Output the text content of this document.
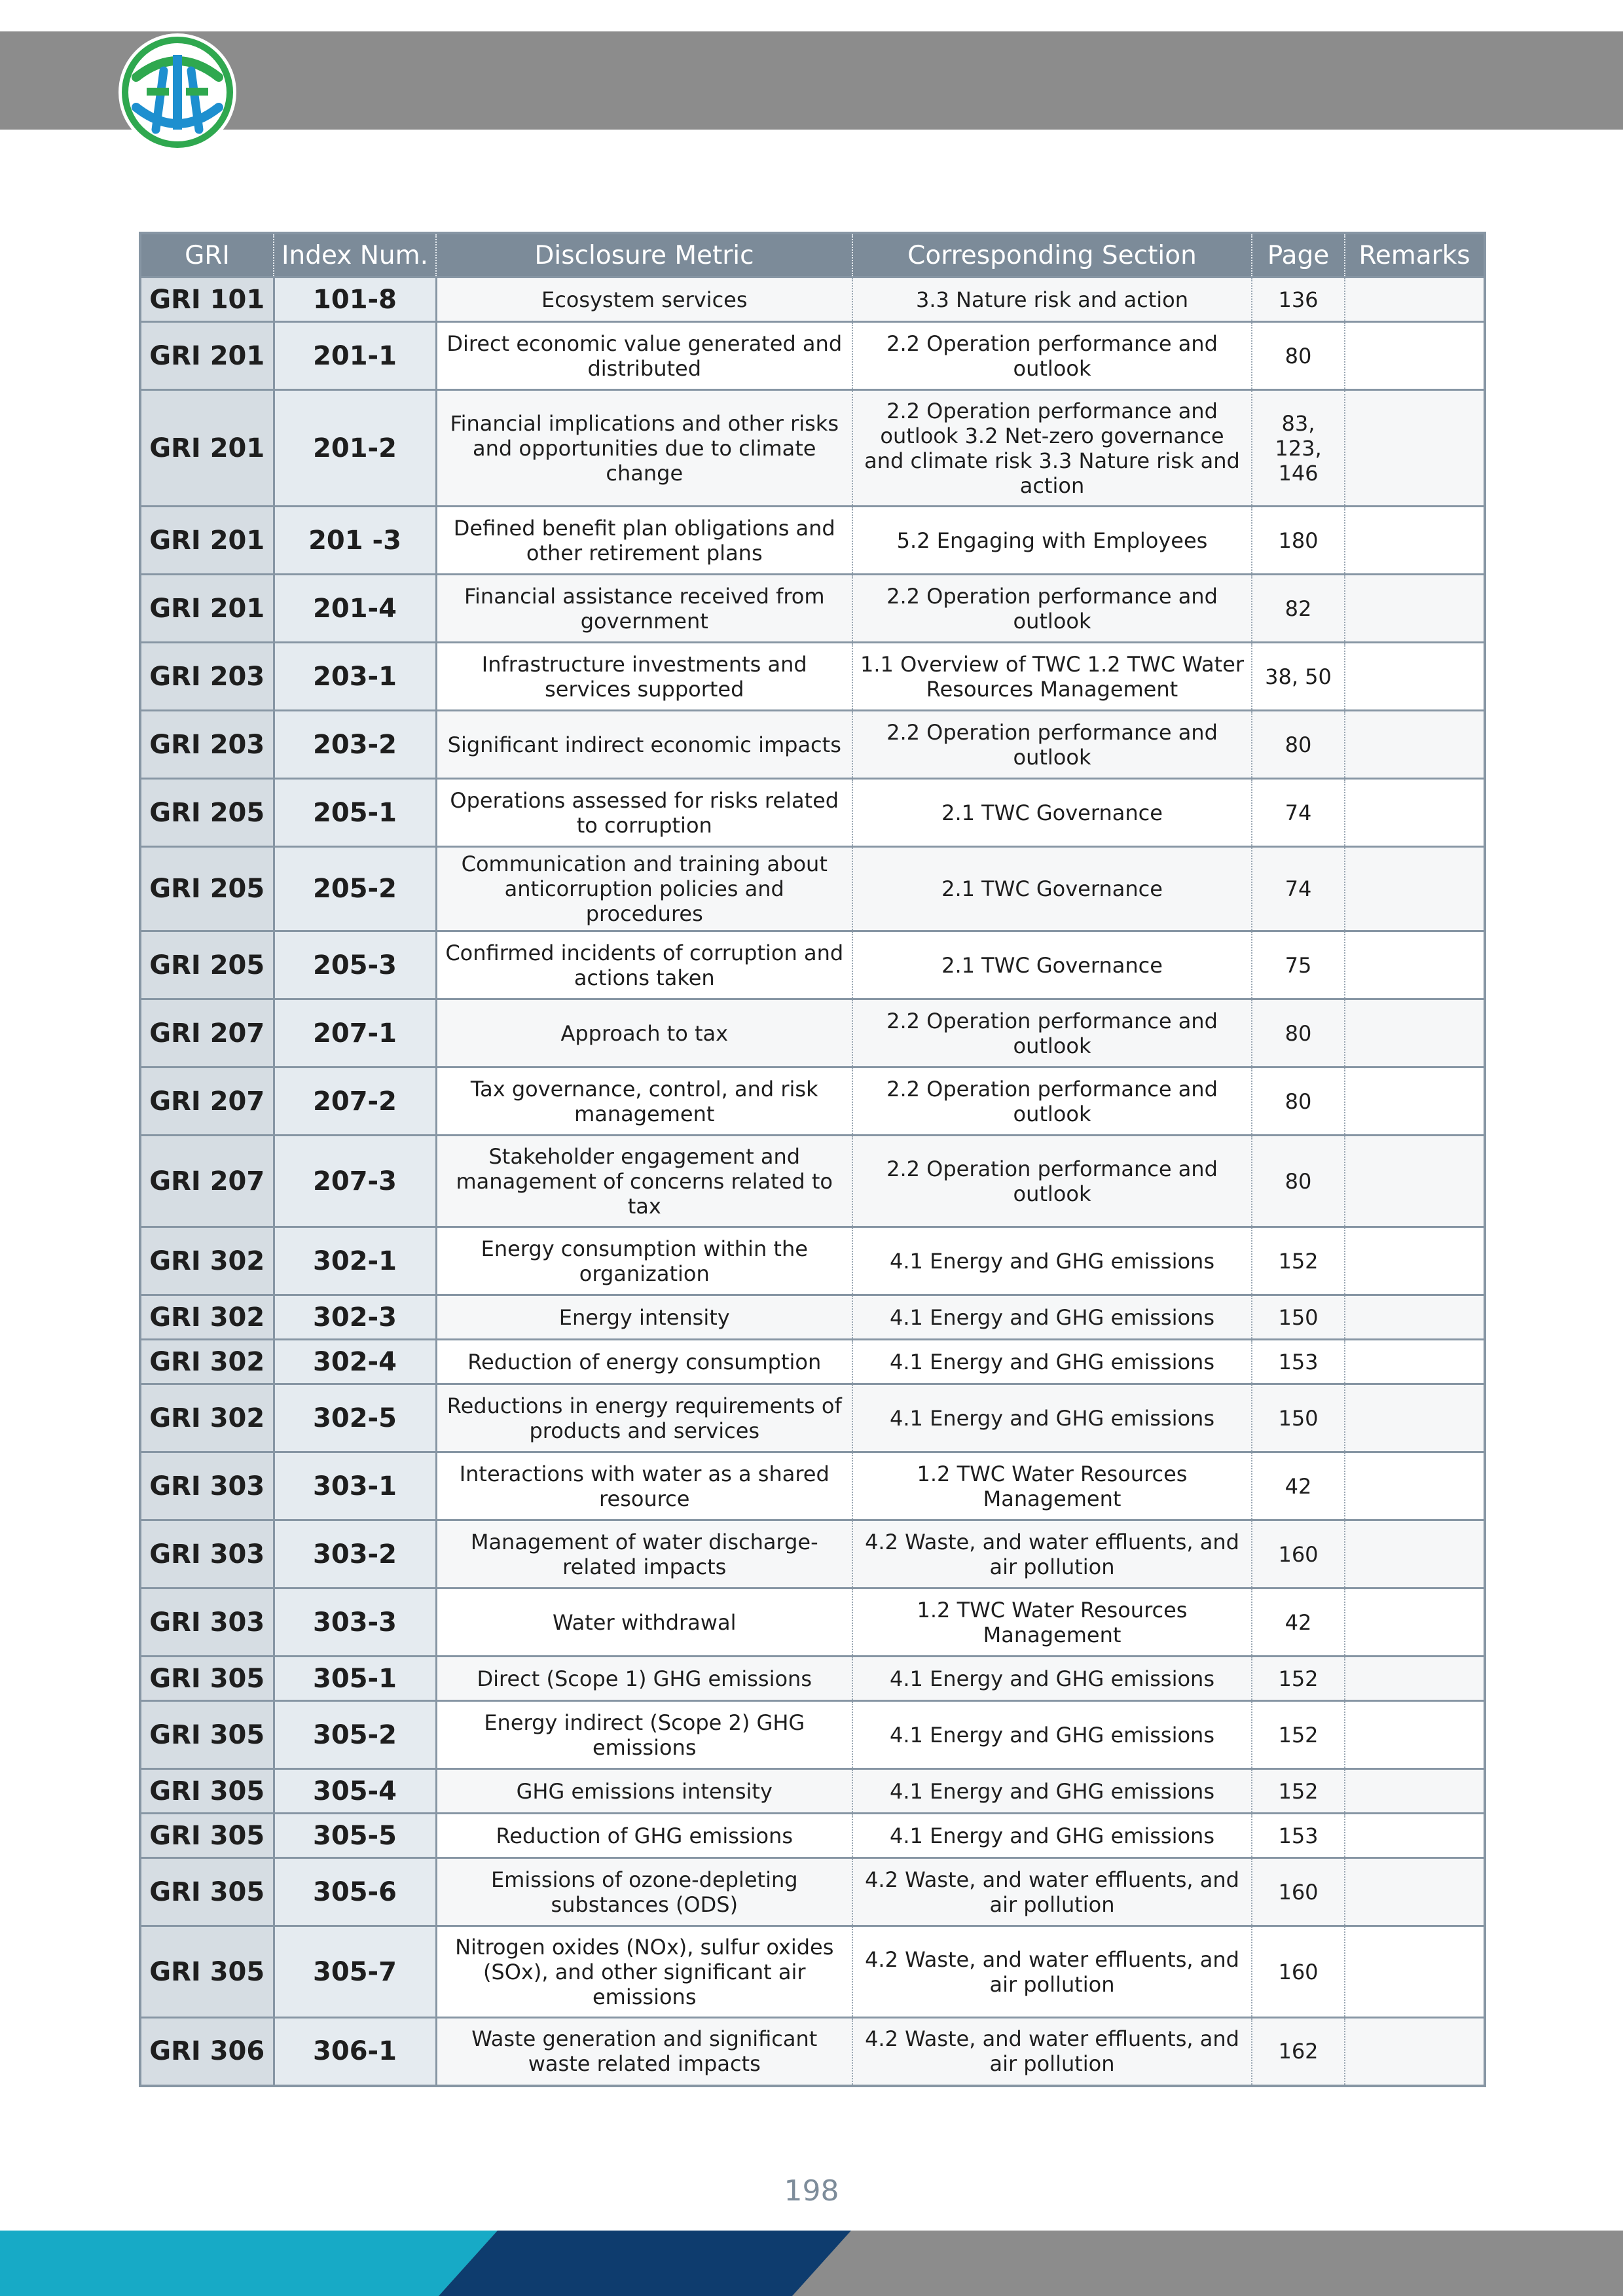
GRI	Index Num.	Disclosure Metric	Corresponding Section	Page	Remarks
GRI 101	101-8	Ecosystem services	3.3 Nature risk and action	136	
GRI 201	201-1	Direct economic value generated and distributed	2.2 Operation performance and outlook	80	
GRI 201	201-2	Financial implications and other risks and opportunities due to climate change	2.2 Operation performance and outlook 3.2 Net-zero governance and climate risk 3.3 Nature risk and action	83, 123, 146	
GRI 201	201 -3	Defined benefit plan obligations and other retirement plans	5.2 Engaging with Employees	180	
GRI 201	201-4	Financial assistance received from government	2.2 Operation performance and outlook	82	
GRI 203	203-1	Infrastructure investments and services supported	1.1 Overview of TWC 1.2 TWC Water Resources Management	38, 50	
GRI 203	203-2	Significant indirect economic impacts	2.2 Operation performance and outlook	80	
GRI 205	205-1	Operations assessed for risks related to corruption	2.1 TWC Governance	74	
GRI 205	205-2	Communication and training about anticorruption policies and procedures	2.1 TWC Governance	74	
GRI 205	205-3	Confirmed incidents of corruption and actions taken	2.1 TWC Governance	75	
GRI 207	207-1	Approach to tax	2.2 Operation performance and outlook	80	
GRI 207	207-2	Tax governance, control, and risk management	2.2 Operation performance and outlook	80	
GRI 207	207-3	Stakeholder engagement and management of concerns related to tax	2.2 Operation performance and outlook	80	
GRI 302	302-1	Energy consumption within the organization	4.1 Energy and GHG emissions	152	
GRI 302	302-3	Energy intensity	4.1 Energy and GHG emissions	150	
GRI 302	302-4	Reduction of energy consumption	4.1 Energy and GHG emissions	153	
GRI 302	302-5	Reductions in energy requirements of products and services	4.1 Energy and GHG emissions	150	
GRI 303	303-1	Interactions with water as a shared resource	1.2 TWC Water Resources Management	42	
GRI 303	303-2	Management of water discharge-related impacts	4.2 Waste, and water effluents, and air pollution	160	
GRI 303	303-3	Water withdrawal	1.2 TWC Water Resources Management	42	
GRI 305	305-1	Direct (Scope 1) GHG emissions	4.1 Energy and GHG emissions	152	
GRI 305	305-2	Energy indirect (Scope 2) GHG emissions	4.1 Energy and GHG emissions	152	
GRI 305	305-4	GHG emissions intensity	4.1 Energy and GHG emissions	152	
GRI 305	305-5	Reduction of GHG emissions	4.1 Energy and GHG emissions	153	
GRI 305	305-6	Emissions of ozone-depleting substances (ODS)	4.2 Waste, and water effluents, and air pollution	160	
GRI 305	305-7	Nitrogen oxides (NOx), sulfur oxides (SOx), and other significant air emissions	4.2 Waste, and water effluents, and air pollution	160	
GRI 306	306-1	Waste generation and significant waste related impacts	4.2 Waste, and water effluents, and air pollution	162	
198
